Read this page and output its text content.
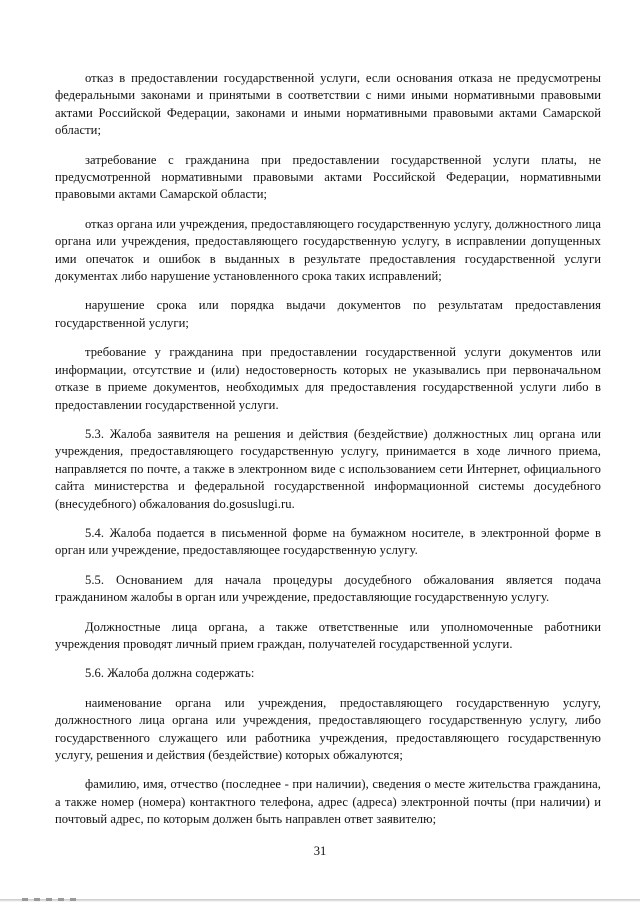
отказ в предоставлении государственной услуги, если основания отказа не предусмотрены федеральными законами и принятыми в соответствии с ними иными нормативными правовыми актами Российской Федерации, законами и иными нормативными правовыми актами Самарской области;

затребование с гражданина при предоставлении государственной услуги платы, не предусмотренной нормативными правовыми актами Российской Федерации, нормативными правовыми актами Самарской области;

отказ органа или учреждения, предоставляющего государственную услугу, должностного лица органа или учреждения, предоставляющего государственную услугу, в исправлении допущенных ими опечаток и ошибок в выданных в результате предоставления государственной услуги документах либо нарушение установленного срока таких исправлений;

нарушение срока или порядка выдачи документов по результатам предоставления государственной услуги;

требование у гражданина при предоставлении государственной услуги документов или информации, отсутствие и (или) недостоверность которых не указывались при первоначальном отказе в приеме документов, необходимых для предоставления государственной услуги либо в предоставлении государственной услуги.

5.3. Жалоба заявителя на решения и действия (бездействие) должностных лиц органа или учреждения, предоставляющего государственную услугу, принимается в ходе личного приема, направляется по почте, а также в электронном виде с использованием сети Интернет, официального сайта министерства и федеральной государственной информационной системы досудебного (внесудебного) обжалования do.gosuslugi.ru.

5.4. Жалоба подается в письменной форме на бумажном носителе, в электронной форме в орган или учреждение, предоставляющее государственную услугу.

5.5. Основанием для начала процедуры досудебного обжалования является подача гражданином жалобы в орган или учреждение, предоставляющие государственную услугу.

Должностные лица органа, а также ответственные или уполномоченные работники учреждения проводят личный прием граждан, получателей государственной услуги.

5.6. Жалоба должна содержать:

наименование органа или учреждения, предоставляющего государственную услугу, должностного лица органа или учреждения, предоставляющего государственную услугу, либо государственного служащего или работника учреждения, предоставляющего государственную услугу, решения и действия (бездействие) которых обжалуются;

фамилию, имя, отчество (последнее - при наличии), сведения о месте жительства гражданина, а также номер (номера) контактного телефона, адрес (адреса) электронной почты (при наличии) и почтовый адрес, по которым должен быть направлен ответ заявителю;

31
